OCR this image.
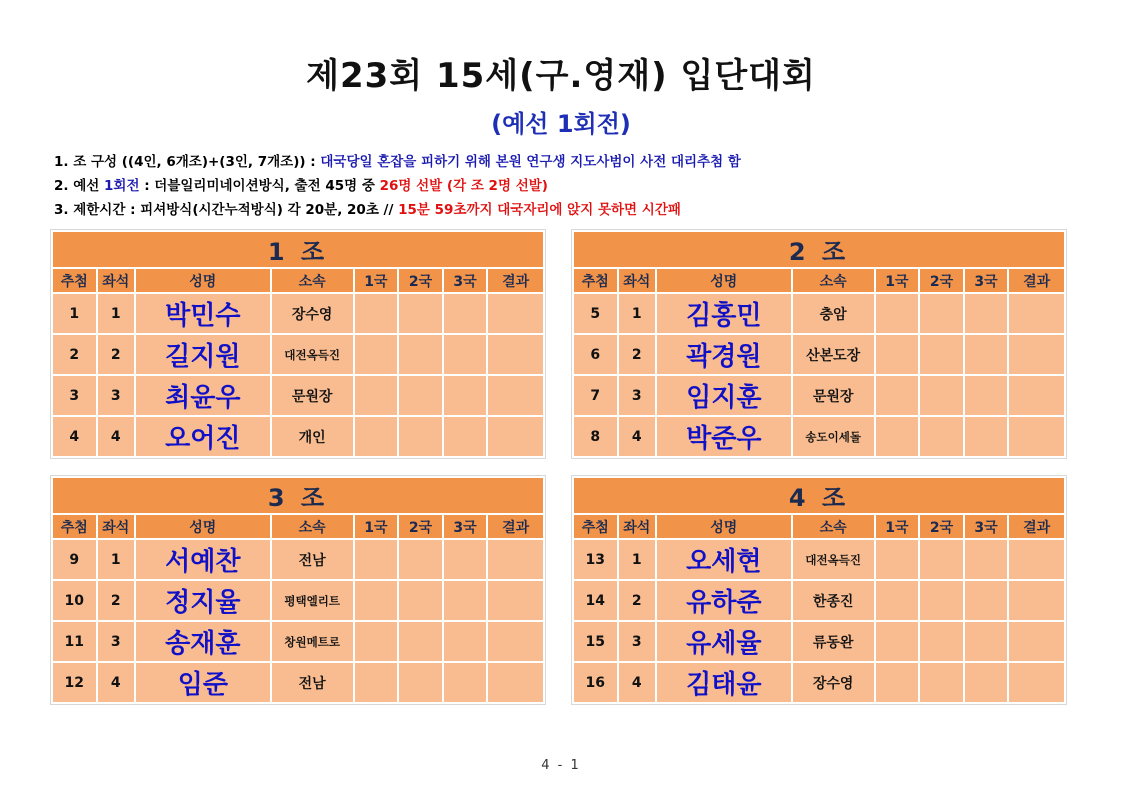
제23회 15세(구.영재) 입단대회
(예선 1회전)
1. 조 구성 ((4인, 6개조)+(3인, 7개조)) : 대국당일 혼잡을 피하기 위해 본원 연구생 지도사범이 사전 대리추첨 함
2. 예선 1회전 : 더블일리미네이션방식, 출전 45명 중 26명 선발 (각 조 2명 선발)
3. 제한시간 : 피셔방식(시간누적방식) 각 20분, 20초 // 15분 59초까지 대국자리에 앉지 못하면 시간패
1 조							
추첨	좌석	성명	소속	1국	2국	3국	결과
1	1	박민수	장수영				
2	2	길지원	대전옥득진				
3	3	최윤우	문원장				
4	4	오어진	개인				
2 조							
추첨	좌석	성명	소속	1국	2국	3국	결과
5	1	김홍민	충암				
6	2	곽경원	산본도장				
7	3	임지훈	문원장				
8	4	박준우	송도이세돌				
3 조							
추첨	좌석	성명	소속	1국	2국	3국	결과
9	1	서예찬	전남				
10	2	정지율	평택엘리트				
11	3	송재훈	창원메트로				
12	4	임준	전남				
4 조							
추첨	좌석	성명	소속	1국	2국	3국	결과
13	1	오세현	대전옥득진				
14	2	유하준	한종진				
15	3	유세율	류동완				
16	4	김태윤	장수영				
4 - 1
